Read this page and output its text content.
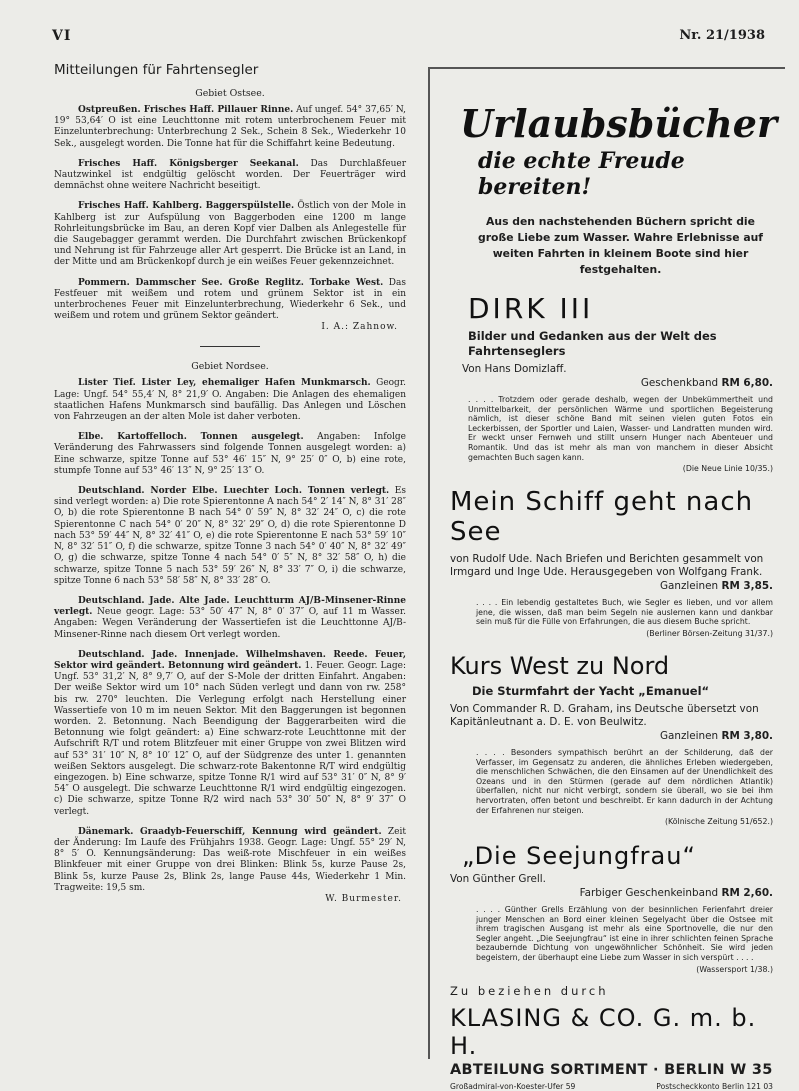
VI	Nr. 21/1938
Mitteilungen für Fahrtensegler
Gebiet Ostsee.

Ostpreußen. Frisches Haff. Pillauer Rinne. Auf ungef. 54° 37,65′ N, 19° 53,64′ O ist eine Leuchttonne mit rotem unterbrochenem Feuer mit Einzelunterbrechung: Unterbrechung 2 Sek., Schein 8 Sek., Wiederkehr 10 Sek., ausgelegt worden. Die Tonne hat für die Schiffahrt keine Bedeutung.

Frisches Haff. Königsberger Seekanal. Das Durchlaßfeuer Nautzwinkel ist endgültig gelöscht worden. Der Feuerträger wird demnächst ohne weitere Nachricht beseitigt.

Frisches Haff. Kahlberg. Baggerspülstelle. Östlich von der Mole in Kahlberg ist zur Aufspülung von Baggerboden eine 1200 m lange Rohrleitungsbrücke im Bau, an deren Kopf vier Dalben als Anlegestelle für die Saugebagger gerammt werden. Die Durchfahrt zwischen Brückenkopf und Nehrung ist für Fahrzeuge aller Art gesperrt. Die Brücke ist an Land, in der Mitte und am Brückenkopf durch je ein weißes Feuer gekennzeichnet.

Pommern. Dammscher See. Große Reglitz. Torbake West. Das Festfeuer mit weißem und rotem und grünem Sektor ist in ein unterbrochenes Feuer mit Einzelunterbrechung, Wiederkehr 6 Sek., und weißem und rotem und grünem Sektor geändert.

I. A.: Zahnow.
Gebiet Nordsee.

Lister Tief. Lister Ley, ehemaliger Hafen Munkmarsch. Geogr. Lage: Ungf. 54° 55,4′ N, 8° 21,9′ O. Angaben: Die Anlagen des ehemaligen staatlichen Hafens Munkmarsch sind baufällig. Das Anlegen und Löschen von Fahrzeugen an der alten Mole ist daher verboten.

Elbe. Kartoffelloch. Tonnen ausgelegt. Angaben: Infolge Veränderung des Fahrwassers sind folgende Tonnen ausgelegt worden: a) Eine schwarze, spitze Tonne auf 53° 46′ 15″ N, 9° 25′ 0″ O, b) eine rote, stumpfe Tonne auf 53° 46′ 13″ N, 9° 25′ 13″ O.

Deutschland. Norder Elbe. Luechter Loch. Tonnen verlegt. Es sind verlegt worden: a) Die rote Spierentonne A nach 54° 2′ 14″ N, 8° 31′ 28″ O, b) die rote Spierentonne B nach 54° 0′ 59″ N, 8° 32′ 24″ O, c) die rote Spierentonne C nach 54° 0′ 20″ N, 8° 32′ 29″ O, d) die rote Spierentonne D nach 53° 59′ 44″ N, 8° 32′ 41″ O, e) die rote Spierentonne E nach 53° 59′ 10″ N, 8° 32′ 51″ O, f) die schwarze, spitze Tonne 3 nach 54° 0′ 40″ N, 8° 32′ 49″ O, g) die schwarze, spitze Tonne 4 nach 54° 0′ 5″ N, 8° 32′ 58″ O, h) die schwarze, spitze Tonne 5 nach 53° 59′ 26″ N, 8° 33′ 7″ O, i) die schwarze, spitze Tonne 6 nach 53° 58′ 58″ N, 8° 33′ 28″ O.

Deutschland. Jade. Alte Jade. Leuchtturm AJ/B-Minsener-Rinne verlegt. Neue geogr. Lage: 53° 50′ 47″ N, 8° 0′ 37″ O, auf 11 m Wasser. Angaben: Wegen Veränderung der Wassertiefen ist die Leuchttonne AJ/B-Minsener-Rinne nach diesem Ort verlegt worden.

Deutschland. Jade. Innenjade. Wilhelmshaven. Reede. Feuer, Sektor wird geändert. Betonnung wird geändert. 1. Feuer. Geogr. Lage: Ungf. 53° 31,2′ N, 8° 9,7′ O, auf der S-Mole der dritten Einfahrt. Angaben: Der weiße Sektor wird um 10° nach Süden verlegt und dann von rw. 258° bis rw. 270° leuchten. Die Verlegung erfolgt nach Herstellung einer Wassertiefe von 10 m im neuen Sektor. Mit den Baggerungen ist begonnen worden. 2. Betonnung. Nach Beendigung der Baggerarbeiten wird die Betonnung wie folgt geändert: a) Eine schwarz-rote Leuchttonne mit der Aufschrift R/T und rotem Blitzfeuer mit einer Gruppe von zwei Blitzen wird auf 53° 31′ 10″ N, 8° 10′ 12″ O, auf der Südgrenze des unter 1. genannten weißen Sektors ausgelegt. Die schwarz-rote Bakentonne R/T wird endgültig eingezogen. b) Eine schwarze, spitze Tonne R/1 wird auf 53° 31′ 0″ N, 8° 9′ 54″ O ausgelegt. Die schwarze Leuchttonne R/1 wird endgültig eingezogen. c) Die schwarze, spitze Tonne R/2 wird nach 53° 30′ 50″ N, 8° 9′ 37″ O verlegt.

Dänemark. Graadyb-Feuerschiff, Kennung wird geändert. Zeit der Änderung: Im Laufe des Frühjahrs 1938. Geogr. Lage: Ungf. 55° 29′ N, 8° 5′ O. Kennungsänderung: Das weiß-rote Mischfeuer in ein weißes Blinkfeuer mit einer Gruppe von drei Blinken: Blink 5s, kurze Pause 2s, Blink 5s, kurze Pause 2s, Blink 2s, lange Pause 44s, Wiederkehr 1 Min. Tragweite: 19,5 sm.

W. Burmester.
Urlaubsbücher
die echte Freude bereiten!
Aus den nachstehenden Büchern spricht die große Liebe zum Wasser. Wahre Erlebnisse auf weiten Fahrten in kleinem Boote sind hier festgehalten.
DIRK III
Bilder und Gedanken aus der Welt des Fahrtenseglers
Von Hans Domizlaff.
Geschenkband RM 6,80.
. . . . Trotzdem oder gerade deshalb, wegen der Unbekümmertheit und Unmittelbarkeit, der persönlichen Wärme und sportlichen Begeisterung nämlich, ist dieser schöne Band mit seinen vielen guten Fotos ein Leckerbissen, der Sportler und Laien, Wasser- und Landratten munden wird. Er weckt unser Fernweh und stillt unsern Hunger nach Abenteuer und Romantik. Und das ist mehr als man von manchem in dieser Absicht gemachten Buch sagen kann.
(Die Neue Linie 10/35.)
Mein Schiff geht nach See
von Rudolf Ude. Nach Briefen und Berichten gesammelt von Irmgard und Inge Ude. Herausgegeben von Wolfgang Frank.
Ganzleinen RM 3,85.
. . . . Ein lebendig gestaltetes Buch, wie Segler es lieben, und vor allem jene, die wissen, daß man beim Segeln nie auslernen kann und dankbar sein muß für die Fülle von Erfahrungen, die aus diesem Buche spricht.
(Berliner Börsen-Zeitung 31/37.)
Kurs West zu Nord
Die Sturmfahrt der Yacht „Emanuel“
Von Commander R. D. Graham, ins Deutsche übersetzt von Kapitänleutnant a. D. E. von Beulwitz.
Ganzleinen RM 3,80.
. . . . Besonders sympathisch berührt an der Schilderung, daß der Verfasser, im Gegensatz zu anderen, die ähnliches Erleben wiedergeben, die menschlichen Schwächen, die den Einsamen auf der Unendlichkeit des Ozeans und in den Stürmen (gerade auf dem nördlichen Atlantik) überfallen, nicht nur nicht verbirgt, sondern sie überall, wo sie bei ihm hervortraten, offen betont und beschreibt. Er kann dadurch in der Achtung der Erfahrenen nur steigen.
(Kölnische Zeitung 51/652.)
„Die Seejungfrau“
Von Günther Grell.
Farbiger Geschenkeinband RM 2,60.
. . . . Günther Grells Erzählung von der besinnlichen Ferienfahrt dreier junger Menschen an Bord einer kleinen Segelyacht über die Ostsee mit ihrem tragischen Ausgang ist mehr als eine Sportnovelle, die nur den Segler angeht. „Die Seejungfrau“ ist eine in ihrer schlichten feinen Sprache bezaubernde Dichtung von ungewöhnlicher Schönheit. Sie wird jeden begeistern, der überhaupt eine Liebe zum Wasser in sich verspürt . . . .
(Wassersport 1/38.)
Zu beziehen durch
KLASING & CO. G. m. b. H.
ABTEILUNG SORTIMENT · BERLIN W 35
Großadmiral-von-Koester-Ufer 59	Postscheckkonto Berlin 121 03
